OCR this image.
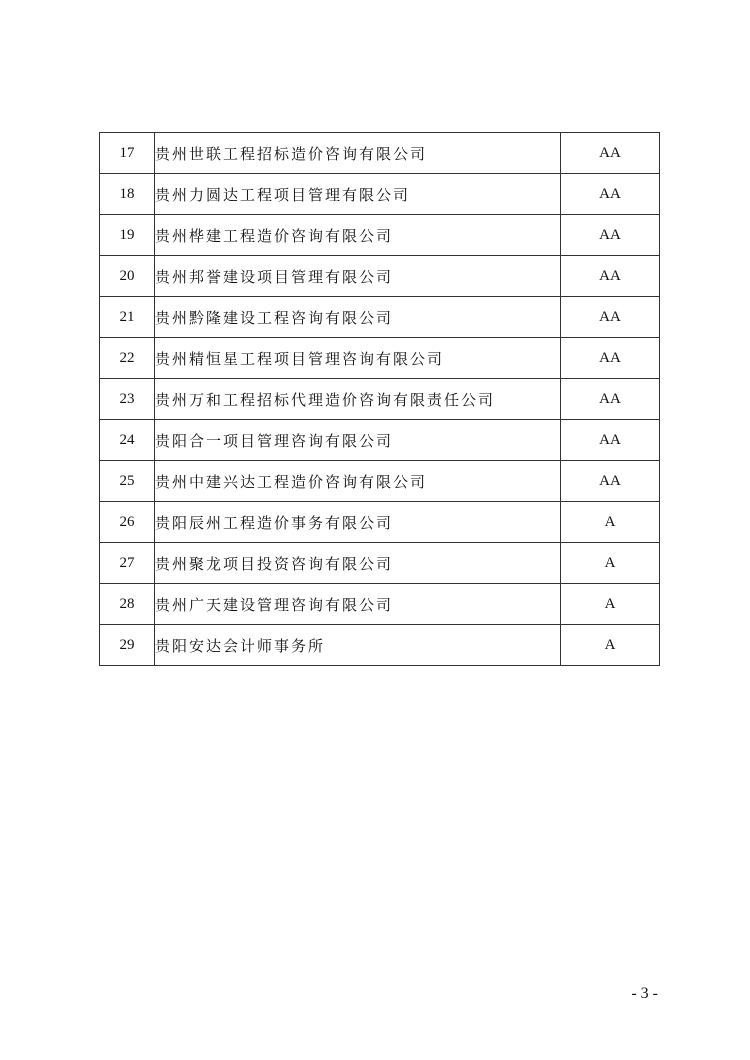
17	贵州世联工程招标造价咨询有限公司	AA
18	贵州力圆达工程项目管理有限公司	AA
19	贵州桦建工程造价咨询有限公司	AA
20	贵州邦誉建设项目管理有限公司	AA
21	贵州黔隆建设工程咨询有限公司	AA
22	贵州精恒星工程项目管理咨询有限公司	AA
23	贵州万和工程招标代理造价咨询有限责任公司	AA
24	贵阳合一项目管理咨询有限公司	AA
25	贵州中建兴达工程造价咨询有限公司	AA
26	贵阳辰州工程造价事务有限公司	A
27	贵州聚龙项目投资咨询有限公司	A
28	贵州广天建设管理咨询有限公司	A
29	贵阳安达会计师事务所	A
- 3 -
